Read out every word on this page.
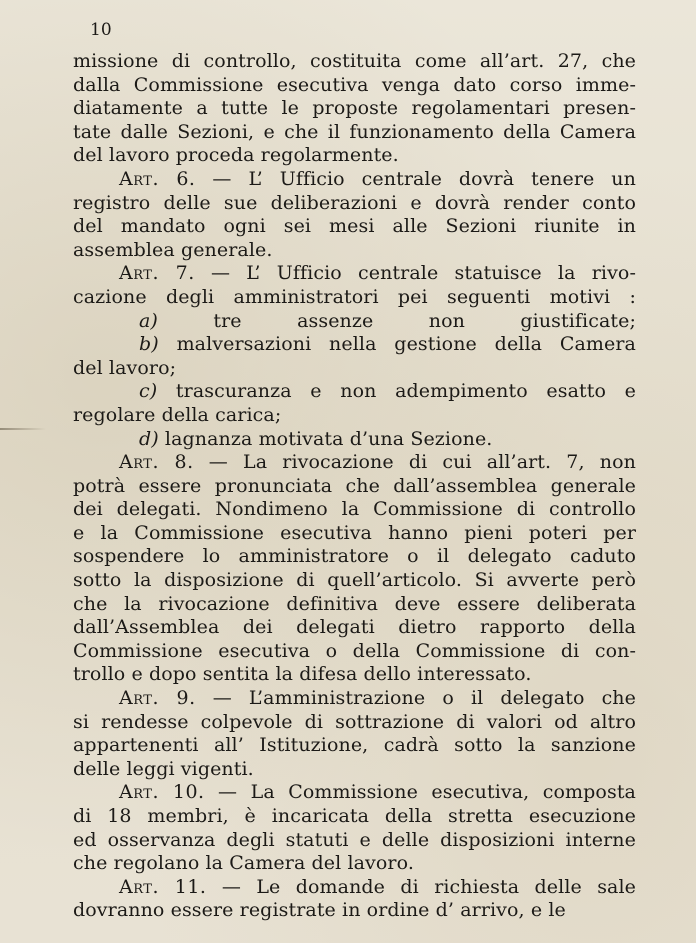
10
missione di controllo, costituita come all’art. 27, che
dalla Commissione esecutiva venga dato corso imme-
diatamente a tutte le proposte regolamentari presen-
tate dalle Sezioni, e che il funzionamento della Camera
del lavoro proceda regolarmente.
Art. 6. — L’ Ufficio centrale dovrà tenere un
registro delle sue deliberazioni e dovrà render conto
del mandato ogni sei mesi alle Sezioni riunite in
assemblea generale.
Art. 7. — L’ Ufficio centrale statuisce la rivo-
cazione degli amministratori pei seguenti motivi :
a) tre assenze non giustificate;
b) malversazioni nella gestione della Camera
del lavoro;
c) trascuranza e non adempimento esatto e
regolare della carica;
d) lagnanza motivata d’una Sezione.
Art. 8. — La rivocazione di cui all’art. 7, non
potrà essere pronunciata che dall’assemblea generale
dei delegati. Nondimeno la Commissione di controllo
e la Commissione esecutiva hanno pieni poteri per
sospendere lo amministratore o il delegato caduto
sotto la disposizione di quell’articolo. Si avverte però
che la rivocazione definitiva deve essere deliberata
dall’Assemblea dei delegati dietro rapporto della
Commissione esecutiva o della Commissione di con-
trollo e dopo sentita la difesa dello interessato.
Art. 9. — L’amministrazione o il delegato che
si rendesse colpevole di sottrazione di valori od altro
appartenenti all’ Istituzione, cadrà sotto la sanzione
delle leggi vigenti.
Art. 10. — La Commissione esecutiva, composta
di 18 membri, è incaricata della stretta esecuzione
ed osservanza degli statuti e delle disposizioni interne
che regolano la Camera del lavoro.
Art. 11. — Le domande di richiesta delle sale
dovranno essere registrate in ordine d’ arrivo, e le
